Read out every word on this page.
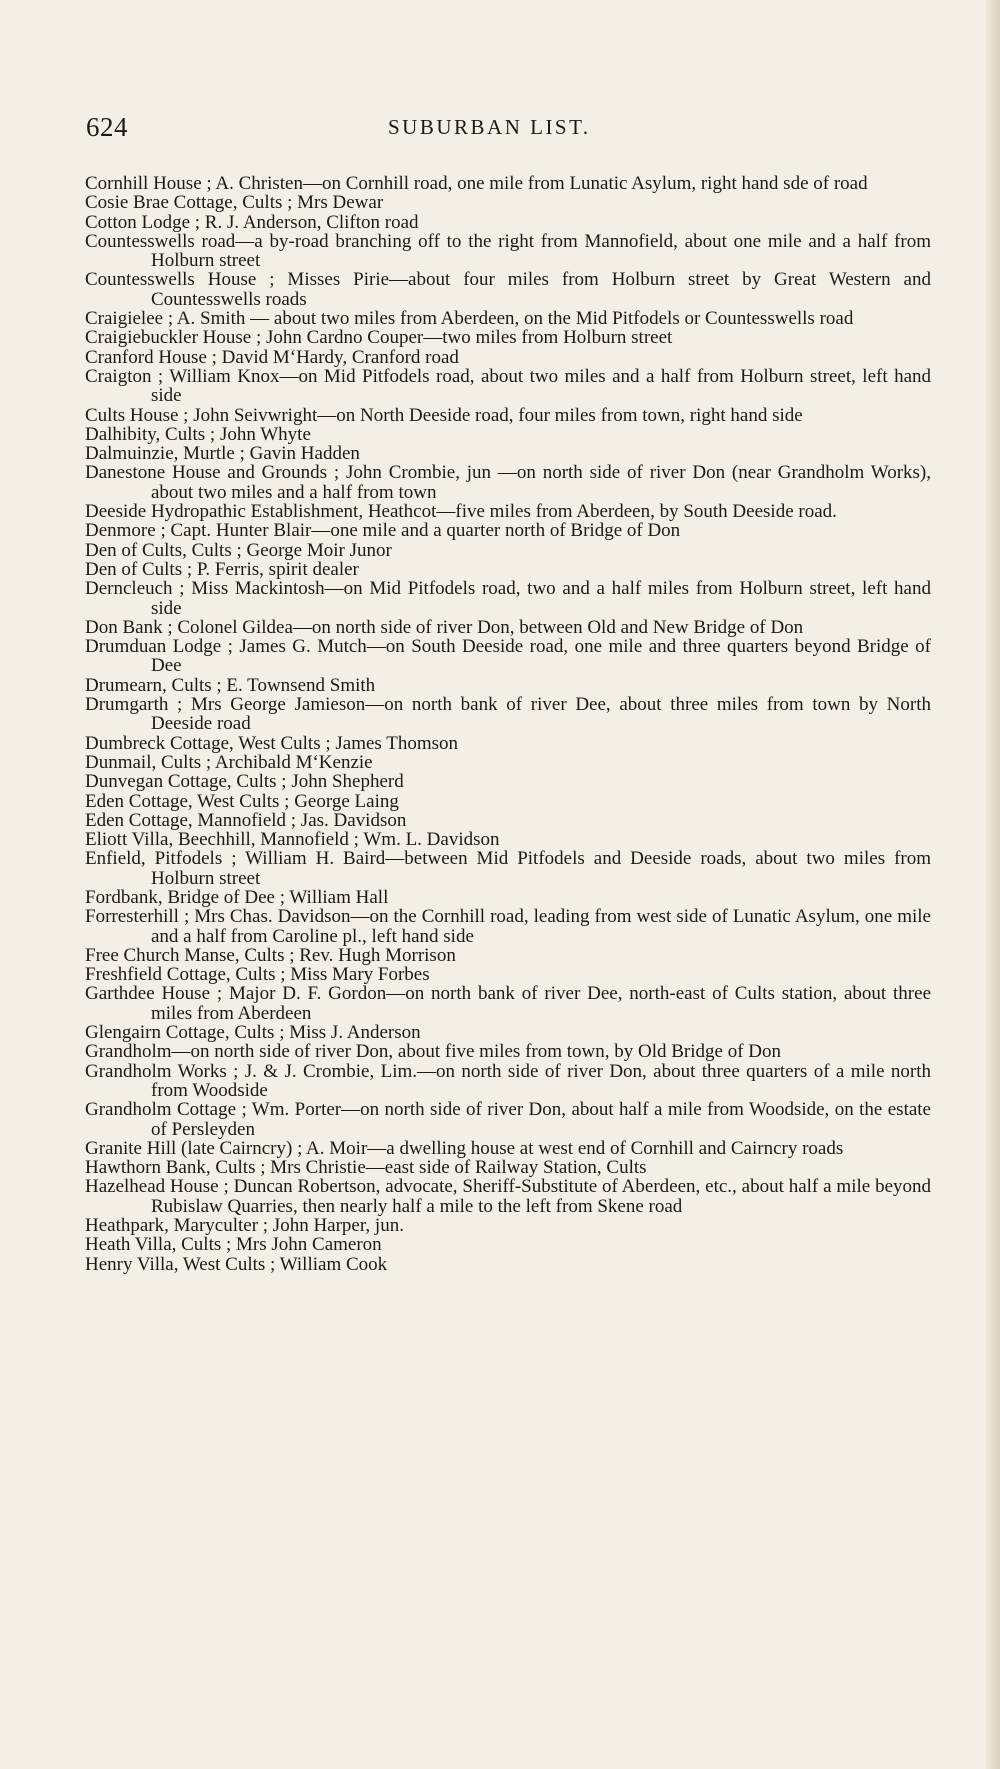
624	SUBURBAN LIST.

Cornhill House ; A. Christen—on Cornhill road, one mile from Lunatic Asylum, right hand sde of road

Cosie Brae Cottage, Cults ; Mrs Dewar

Cotton Lodge ; R. J. Anderson, Clifton road

Countesswells road—a by-road branching off to the right from Mannofield, about one mile and a half from Holburn street

Countesswells House ; Misses Pirie—about four miles from Holburn street by Great Western and Countesswells roads

Craigielee ; A. Smith — about two miles from Aberdeen, on the Mid Pitfodels or Countesswells road

Craigiebuckler House ; John Cardno Couper—two miles from Holburn street

Cranford House ; David M‘Hardy, Cranford road

Craigton ; William Knox—on Mid Pitfodels road, about two miles and a half from Holburn street, left hand side

Cults House ; John Seivwright—on North Deeside road, four miles from town, right hand side

Dalhibity, Cults ; John Whyte

Dalmuinzie, Murtle ; Gavin Hadden

Danestone House and Grounds ; John Crombie, jun —on north side of river Don (near Grandholm Works), about two miles and a half from town

Deeside Hydropathic Establishment, Heathcot—five miles from Aberdeen, by South Deeside road.

Denmore ; Capt. Hunter Blair—one mile and a quarter north of Bridge of Don

Den of Cults, Cults ; George Moir Junor

Den of Cults ; P. Ferris, spirit dealer

Derncleuch ; Miss Mackintosh—on Mid Pitfodels road, two and a half miles from Holburn street, left hand side

Don Bank ; Colonel Gildea—on north side of river Don, between Old and New Bridge of Don

Drumduan Lodge ; James G. Mutch—on South Deeside road, one mile and three quarters beyond Bridge of Dee

Drumearn, Cults ; E. Townsend Smith

Drumgarth ; Mrs George Jamieson—on north bank of river Dee, about three miles from town by North Deeside road

Dumbreck Cottage, West Cults ; James Thomson

Dunmail, Cults ; Archibald M‘Kenzie

Dunvegan Cottage, Cults ; John Shepherd

Eden Cottage, West Cults ; George Laing

Eden Cottage, Mannofield ; Jas. Davidson

Eliott Villa, Beechhill, Mannofield ; Wm. L. Davidson

Enfield, Pitfodels ; William H. Baird—between Mid Pitfodels and Deeside roads, about two miles from Holburn street

Fordbank, Bridge of Dee ; William Hall

Forresterhill ; Mrs Chas. Davidson—on the Cornhill road, leading from west side of Lunatic Asylum, one mile and a half from Caroline pl., left hand side

Free Church Manse, Cults ; Rev. Hugh Morrison

Freshfield Cottage, Cults ; Miss Mary Forbes

Garthdee House ; Major D. F. Gordon—on north bank of river Dee, north-east of Cults station, about three miles from Aberdeen

Glengairn Cottage, Cults ; Miss J. Anderson

Grandholm—on north side of river Don, about five miles from town, by Old Bridge of Don

Grandholm Works ; J. & J. Crombie, Lim.—on north side of river Don, about three quarters of a mile north from Woodside

Grandholm Cottage ; Wm. Porter—on north side of river Don, about half a mile from Woodside, on the estate of Persleyden

Granite Hill (late Cairncry) ; A. Moir—a dwelling house at west end of Cornhill and Cairncry roads

Hawthorn Bank, Cults ; Mrs Christie—east side of Railway Station, Cults

Hazelhead House ; Duncan Robertson, advocate, Sheriff-Substitute of Aberdeen, etc., about half a mile beyond Rubislaw Quarries, then nearly half a mile to the left from Skene road

Heathpark, Maryculter ; John Harper, jun.

Heath Villa, Cults ; Mrs John Cameron

Henry Villa, West Cults ; William Cook
